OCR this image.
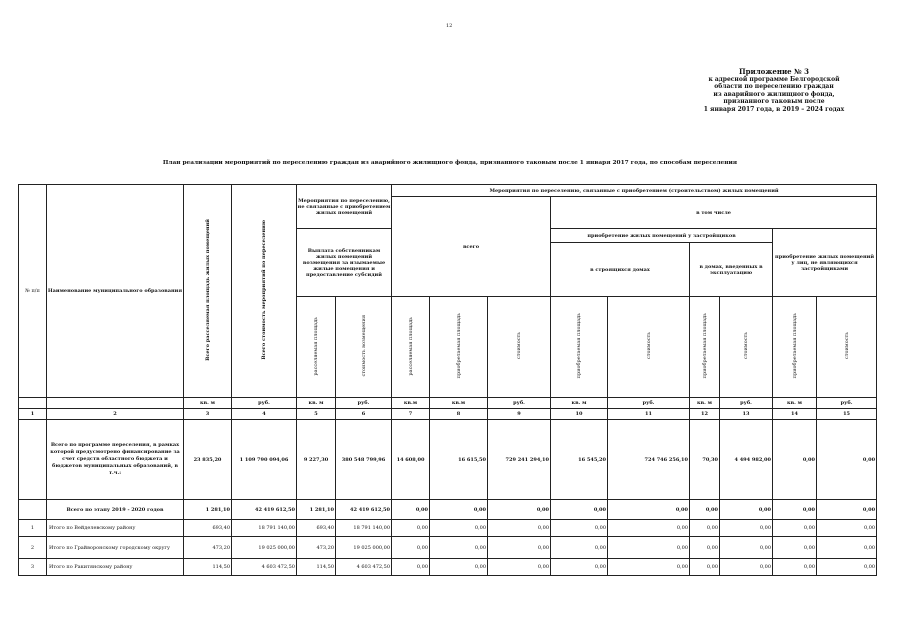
12
Приложение № 3
к адресной программе Белгородской
области по переселению граждан
из аварийного жилищного фонда,
признанного таковым после
1 января 2017 года, в 2019 – 2024 годах
План реализации мероприятий по переселению граждан из аварийного жилищного фонда, признанного таковым после 1 января 2017 года, по способам переселения
№ п/п	Наименование муниципального образования	Всего расселяемая площадь жилых помещений	Всего стоимость мероприятий по переселению	Мероприятия по переселению, не связанные с приобретением жилых помещений		Мероприятия по переселению, связанные с приобретением (строительством) жилых помещений								
						всего			в том числе					
				Выплата собственникам жилых помещений возмещения за изымаемые жилые помещения и предоставление субсидий					приобретение жилых помещений у застройщиков				приобретение жилых помещений у лиц, не являющихся застройщиками	
									в строящихся домах		в домах, введенных в эксплуатацию			
				расселяемая площадь	стоимость возмещения	расселяемая площадь	приобретаемая площадь	стоимость	приобретаемая площадь	стоимость	приобретаемая площадь	стоимость	приобретаемая площадь	стоимость
		кв. м	руб.	кв. м	руб.	кв.м	кв.м	руб.	кв. м	руб.	кв. м	руб.	кв. м	руб.
1	2	3	4	5	6	7	8	9	10	11	12	13	14	15
	Всего по программе переселения, в рамках которой предусмотрено финансирование за счет средств областного бюджета и бюджетов муниципальных образований, в т.ч.:	23 835,20	1 109 790 094,06	9 227,30	380 548 799,96	14 608,00	16 615,50	729 241 294,10	16 545,20	724 746 256,10	70,30	4 494 982,00	0,00	0,00
	Всего по этапу 2019 - 2020 годов	1 281,10	42 419 612,50	1 281,10	42 419 612,50	0,00	0,00	0,00	0,00	0,00	0,00	0,00	0,00	0,00
1	Итого по Вейделевскому району	693,40	18 791 140,00	693,40	18 791 140,00	0,00	0,00	0,00	0,00	0,00	0,00	0,00	0,00	0,00
2	Итого по Грайворонскому городскому округу	473,20	19 025 000,00	473,20	19 025 000,00	0,00	0,00	0,00	0,00	0,00	0,00	0,00	0,00	0,00
3	Итого по Ракитянскому району	114,50	4 603 472,50	114,50	4 603 472,50	0,00	0,00	0,00	0,00	0,00	0,00	0,00	0,00	0,00
